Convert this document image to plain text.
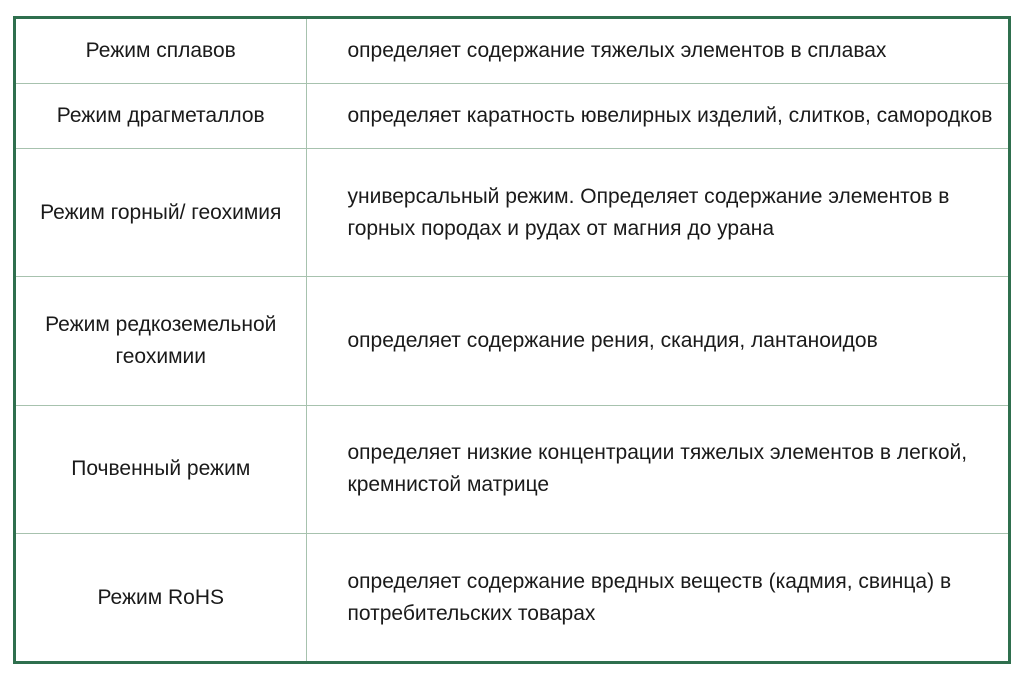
Режим сплавов	определяет содержание тяжелых элементов в сплавах
Режим драгметаллов	определяет каратность ювелирных изделий, слитков, самородков
Режим горный/ геохимия	универсальный режим. Определяет содержание элементов в горных породах и рудах от магния до урана
Режим редкоземельной геохимии	определяет содержание рения, скандия, лантаноидов
Почвенный режим	определяет низкие концентрации тяжелых элементов в легкой, кремнистой матрице
Режим RoHS	определяет содержание вредных веществ (кадмия, свинца) в потребительских товарах
